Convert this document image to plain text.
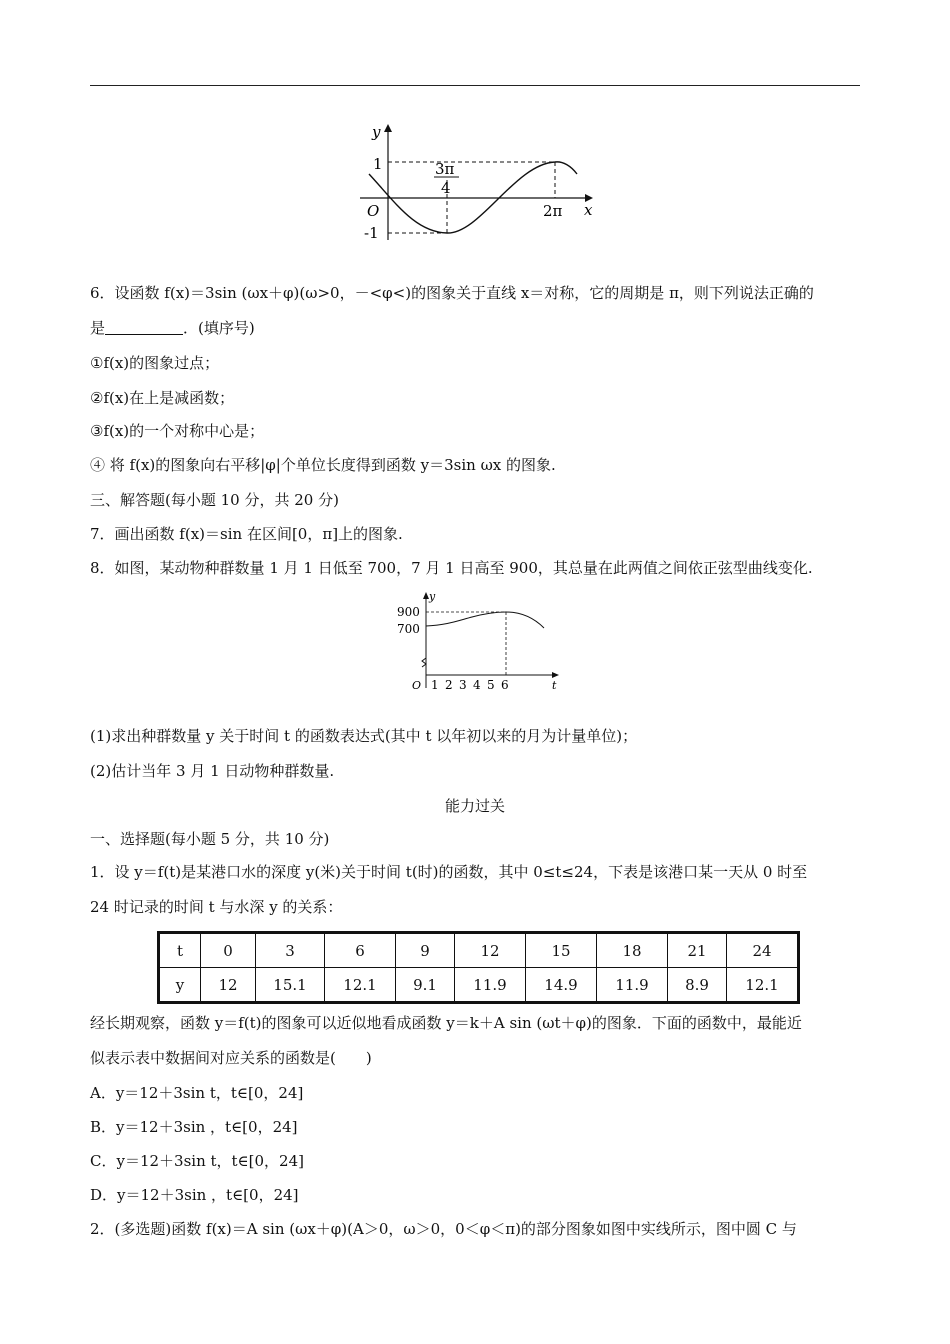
y
x
O
1
-1
3π
4
2π
6．设函数 f(x)＝3sin (ωx＋φ)(ω>0，－<φ<)的图象关于直线 x＝对称，它的周期是 π，则下列说法正确的
是	．(填序号)
①f(x)的图象过点；
②f(x)在上是减函数；
③f(x)的一个对称中心是；
④ 将 f(x)的图象向右平移|φ|个单位长度得到函数 y＝3sin ωx 的图象.
三、解答题(每小题 10 分，共 20 分)
7．画出函数 f(x)＝sin 在区间[0，π]上的图象.
8．如图，某动物种群数量 1 月 1 日低至 700，7 月 1 日高至 900，其总量在此两值之间依正弦型曲线变化.
y
t
O
900
700
1 2 3 4 5 6
(1)求出种群数量 y 关于时间 t 的函数表达式(其中 t 以年初以来的月为计量单位)；
(2)估计当年 3 月 1 日动物种群数量.
能力过关
一、选择题(每小题 5 分，共 10 分)
1．设 y＝f(t)是某港口水的深度 y(米)关于时间 t(时)的函数，其中 0≤t≤24，下表是该港口某一天从 0 时至
24 时记录的时间 t 与水深 y 的关系：
t	0	3	6	9	12	15	18	21	24
y	12	15.1	12.1	9.1	11.9	14.9	11.9	8.9	12.1
经长期观察，函数 y＝f(t)的图象可以近似地看成函数 y＝k＋A sin (ωt＋φ)的图象．下面的函数中，最能近
似表示表中数据间对应关系的函数是(　　)
A．y＝12＋3sin t，t∈[0，24]
B．y＝12＋3sin ，t∈[0，24]
C．y＝12＋3sin t，t∈[0，24]
D．y＝12＋3sin ，t∈[0，24]
2．(多选题)函数 f(x)＝A sin (ωx＋φ)(A＞0，ω＞0，0＜φ＜π)的部分图象如图中实线所示，图中圆 C 与
